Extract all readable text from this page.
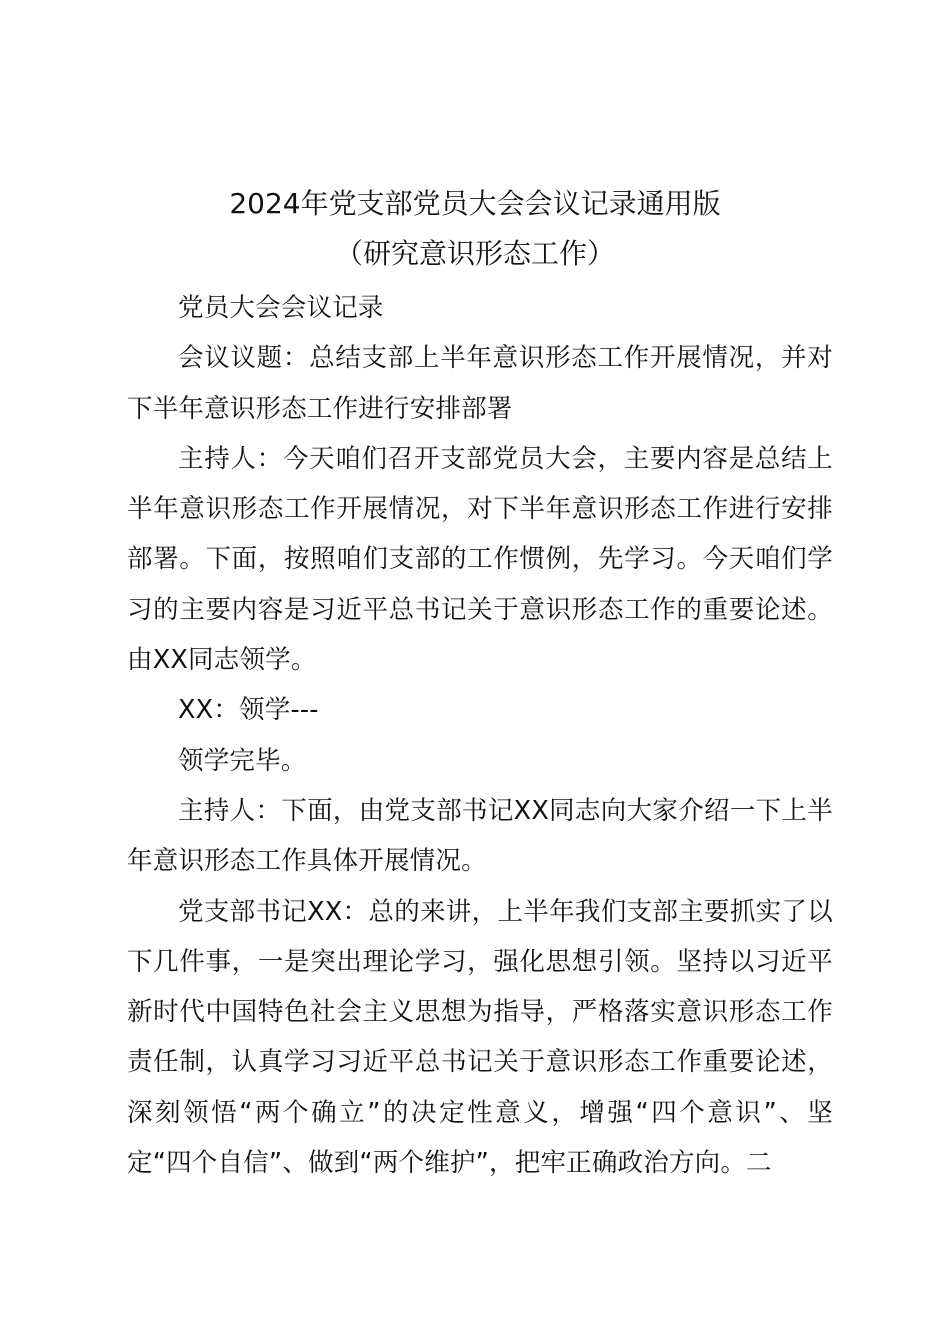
2024年党支部党员大会会议记录通用版
（研究意识形态工作）

党员大会会议记录

会议议题：总结支部上半年意识形态工作开展情况，并对下半年意识形态工作进行安排部署

主持人：今天咱们召开支部党员大会，主要内容是总结上半年意识形态工作开展情况，对下半年意识形态工作进行安排部署。下面，按照咱们支部的工作惯例，先学习。今天咱们学习的主要内容是习近平总书记关于意识形态工作的重要论述。由XX同志领学。

XX：领学---

领学完毕。

主持人：下面，由党支部书记XX同志向大家介绍一下上半年意识形态工作具体开展情况。

党支部书记XX：总的来讲，上半年我们支部主要抓实了以下几件事，一是突出理论学习，强化思想引领。坚持以习近平新时代中国特色社会主义思想为指导，严格落实意识形态工作责任制，认真学习习近平总书记关于意识形态工作重要论述，深刻领悟“两个确立”的决定性意义，增强“四个意识”、坚定“四个自信”、做到“两个维护”，把牢正确政治方向。二
